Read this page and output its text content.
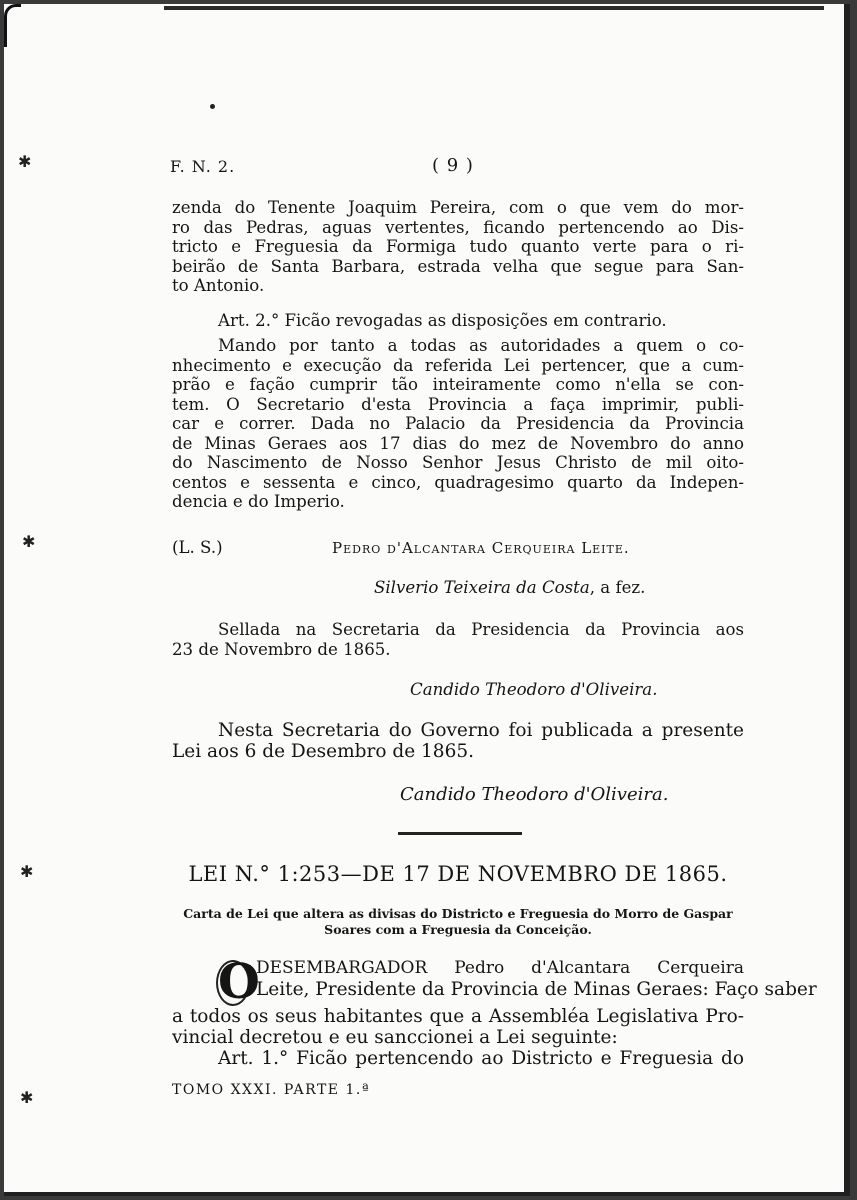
✱
✱
✱
✱
F. N. 2.	( 9 )

zenda do Tenente Joaquim Pereira, com o que vem do mor-
ro das Pedras, aguas vertentes, ficando pertencendo ao Dis-
tricto e Freguesia da Formiga tudo quanto verte para o ri-
beirão de Santa Barbara, estrada velha que segue para San-
to Antonio.

Art. 2.° Ficão revogadas as disposições em contrario.

Mando por tanto a todas as autoridades a quem o co-
nhecimento e execução da referida Lei pertencer, que a cum-
prão e fação cumprir tão inteiramente como n'ella se con-
tem. O Secretario d'esta Provincia a faça imprimir, publi-
car e correr. Dada no Palacio da Presidencia da Provincia
de Minas Geraes aos 17 dias do mez de Novembro do anno
do Nascimento de Nosso Senhor Jesus Christo de mil oito-
centos e sessenta e cinco, quadragesimo quarto da Indepen-
dencia e do Imperio.

(L. S.)	Pedro d'Alcantara Cerqueira Leite.
Silverio Teixeira da Costa, a fez.

Sellada na Secretaria da Presidencia da Provincia aos
23 de Novembro de 1865.

Candido Theodoro d'Oliveira.

Nesta Secretaria do Governo foi publicada a presente
Lei aos 6 de Desembro de 1865.

Candido Theodoro d'Oliveira.
LEI N.° 1:253—DE 17 DE NOVEMBRO DE 1865.
Carta de Lei que altera as divisas do Districto e Freguesia do Morro de Gaspar
Soares com a Freguesia da Conceição.

O
DESEMBARGADOR Pedro d'Alcantara Cerqueira
Leite, Presidente da Provincia de Minas Geraes: Faço saber
a todos os seus habitantes que a Assembléa Legislativa Pro-
vincial decretou e eu sanccionei a Lei seguinte:
Art. 1.° Ficão pertencendo ao Districto e Freguesia do

TOMO XXXI. PARTE 1.ª
